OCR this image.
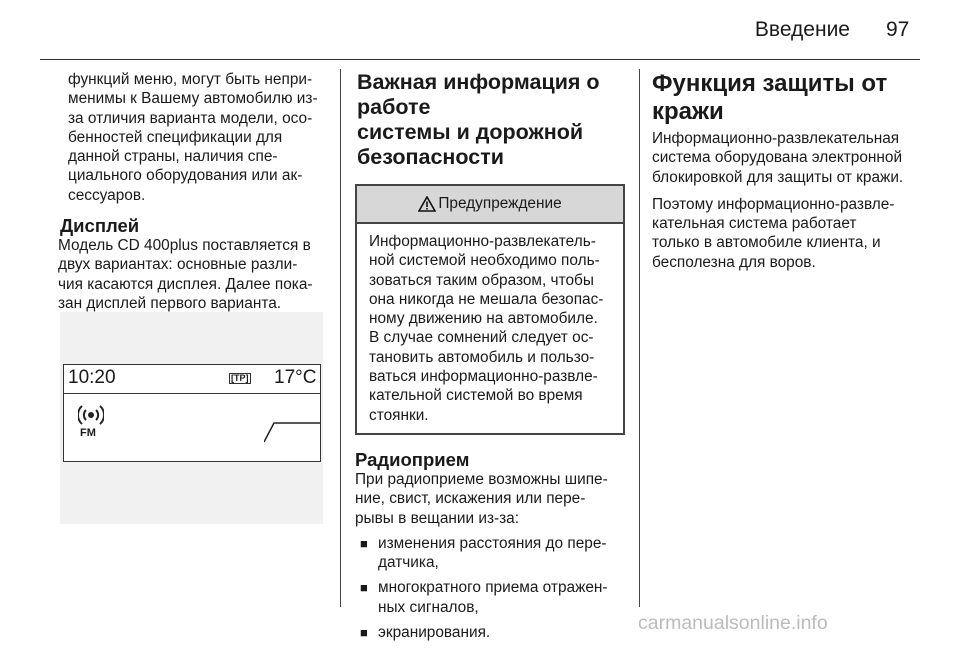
Введение 97

функций меню, могут быть непри-

менимы к Вашему автомобилю из-

за отличия варианта модели, осо-

бенностей спецификации для

данной страны, наличия спе-

циального оборудования или ак-

сессуаров.

Дисплей

Модель CD 400plus поставляется в

двух вариантах: основные разли-

чия касаются дисплея. Далее пока-

зан дисплей первого варианта.

10:20	[TP] 17°C
FM
Важная информация о работе
системы и дорожной
безопасности
Предупреждение

Информационно-развлекатель-

ной системой необходимо поль-

зоваться таким образом, чтобы

она никогда не мешала безопас-

ному движению на автомобиле.

В случае сомнений следует ос-

тановить автомобиль и пользо-

ваться информационно-развле-

кательной системой во время

стоянки.

Радиоприем

При радиоприеме возможны шипе-

ние, свист, искажения или пере-

рывы в вещании из-за:

■ изменения расстояния до пере-
датчика,
■ многократного приема отражен-
ных сигналов,
■ экранирования.
Функция защиты от
кражи

Информационно-развлекательная

система оборудована электронной

блокировкой для защиты от кражи.

Поэтому информационно-развле-

кательная система работает

только в автомобиле клиента, и

бесполезна для воров.

carmanualsonline.info
